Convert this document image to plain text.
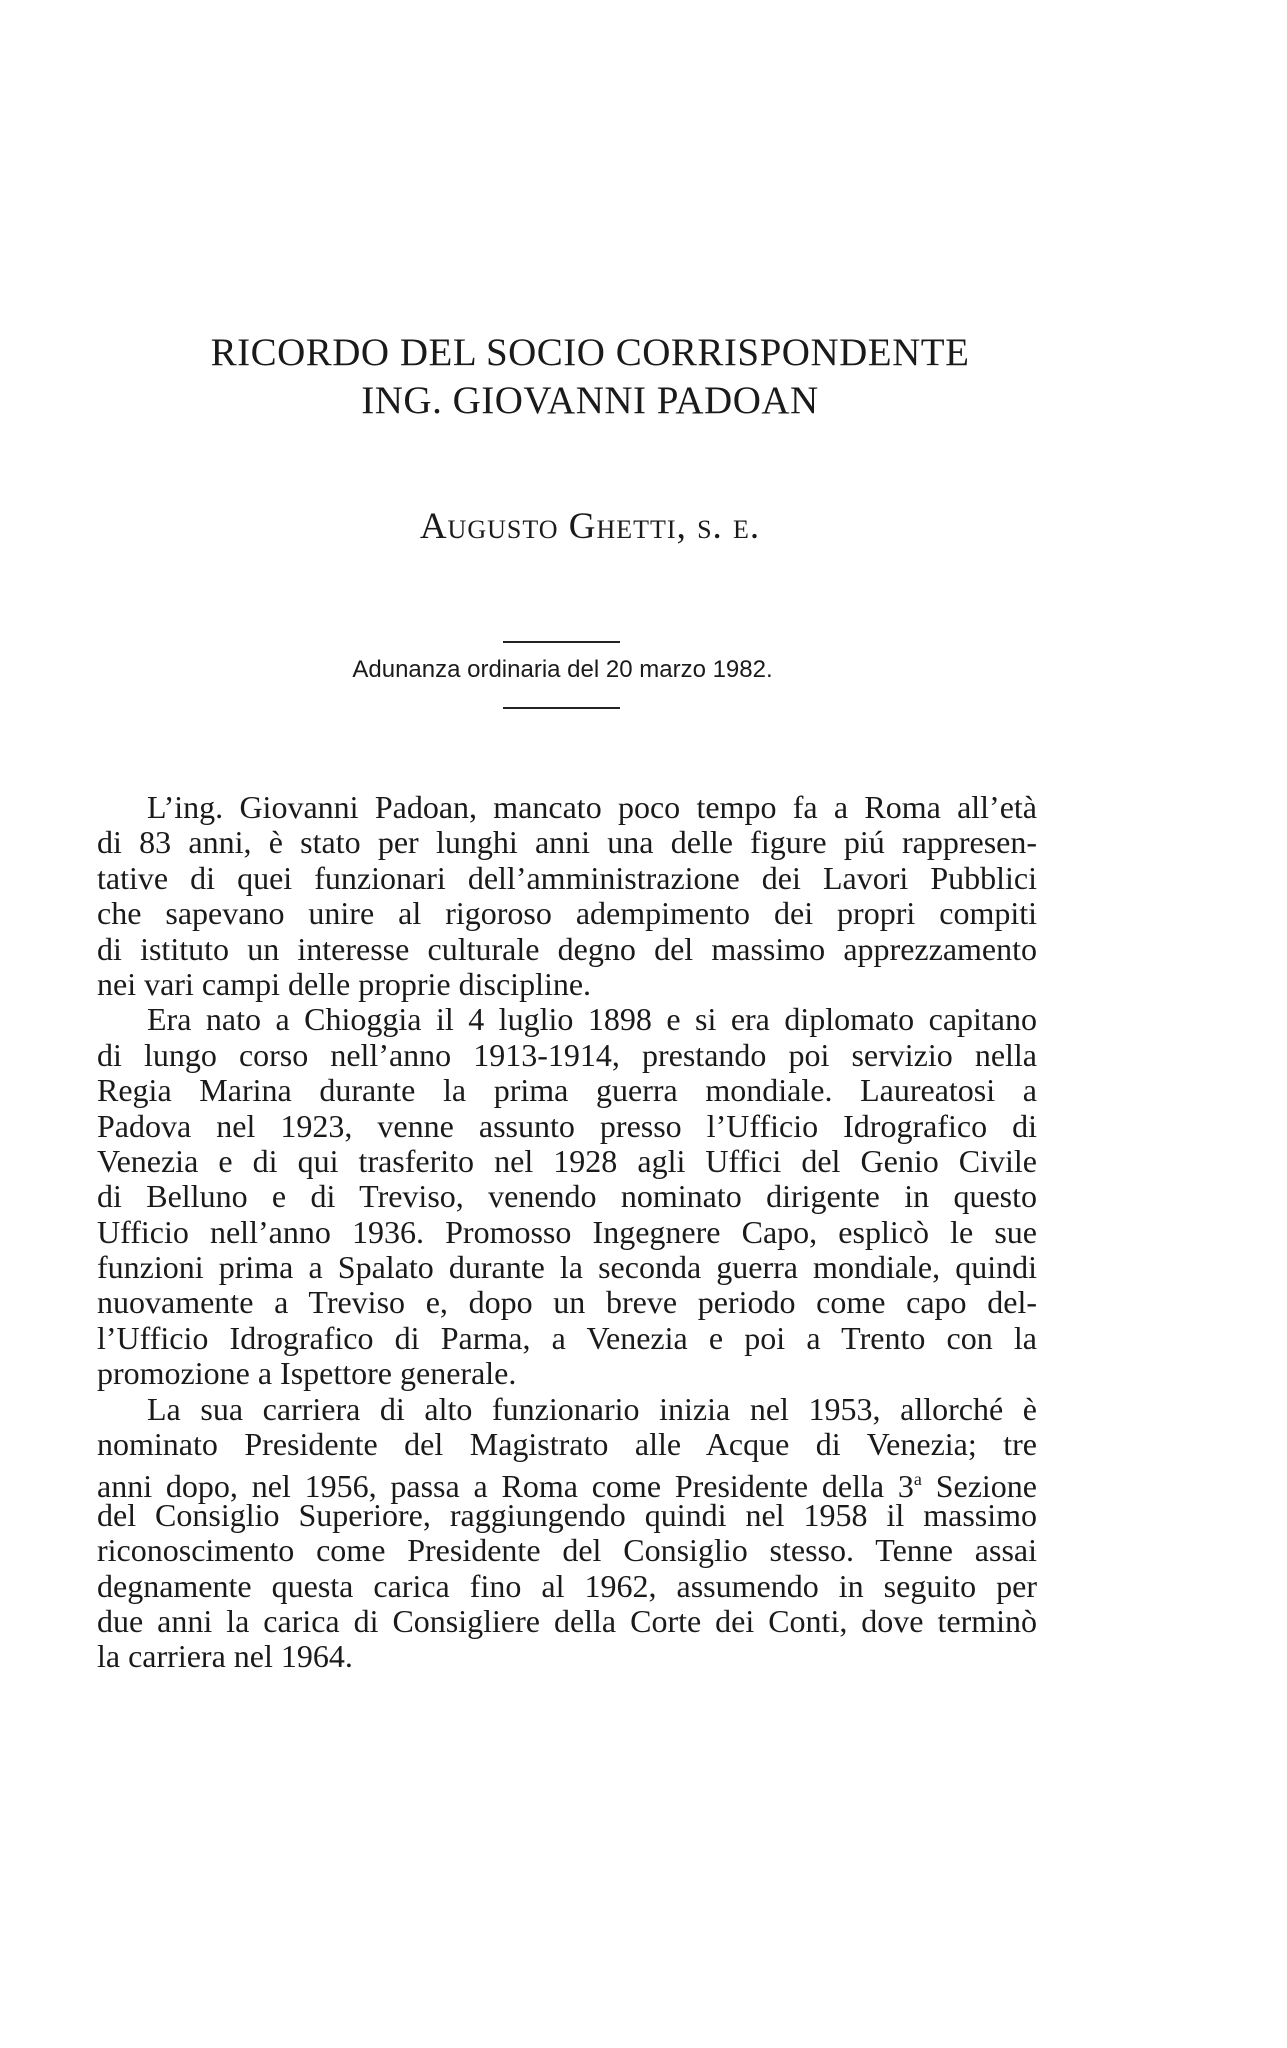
RICORDO DEL SOCIO CORRISPONDENTE
ING. GIOVANNI PADOAN
Augusto Ghetti, s. e.
Adunanza ordinaria del 20 marzo 1982.

L’ing. Giovanni Padoan, mancato poco tempo fa a Roma all’età
di 83 anni, è stato per lunghi anni una delle figure piú rappresen-
tative di quei funzionari dell’amministrazione dei Lavori Pubblici
che sapevano unire al rigoroso adempimento dei propri compiti
di istituto un interesse culturale degno del massimo apprezzamento
nei vari campi delle proprie discipline.

Era nato a Chioggia il 4 luglio 1898 e si era diplomato capitano
di lungo corso nell’anno 1913-1914, prestando poi servizio nella
Regia Marina durante la prima guerra mondiale. Laureatosi a
Padova nel 1923, venne assunto presso l’Ufficio Idrografico di
Venezia e di qui trasferito nel 1928 agli Uffici del Genio Civile
di Belluno e di Treviso, venendo nominato dirigente in questo
Ufficio nell’anno 1936. Promosso Ingegnere Capo, esplicò le sue
funzioni prima a Spalato durante la seconda guerra mondiale, quindi
nuovamente a Treviso e, dopo un breve periodo come capo del-
l’Ufficio Idrografico di Parma, a Venezia e poi a Trento con la
promozione a Ispettore generale.

La sua carriera di alto funzionario inizia nel 1953, allorché è
nominato Presidente del Magistrato alle Acque di Venezia; tre
anni dopo, nel 1956, passa a Roma come Presidente della 3$^a$ Sezione
del Consiglio Superiore, raggiungendo quindi nel 1958 il massimo
riconoscimento come Presidente del Consiglio stesso. Tenne assai
degnamente questa carica fino al 1962, assumendo in seguito per
due anni la carica di Consigliere della Corte dei Conti, dove terminò
la carriera nel 1964.
